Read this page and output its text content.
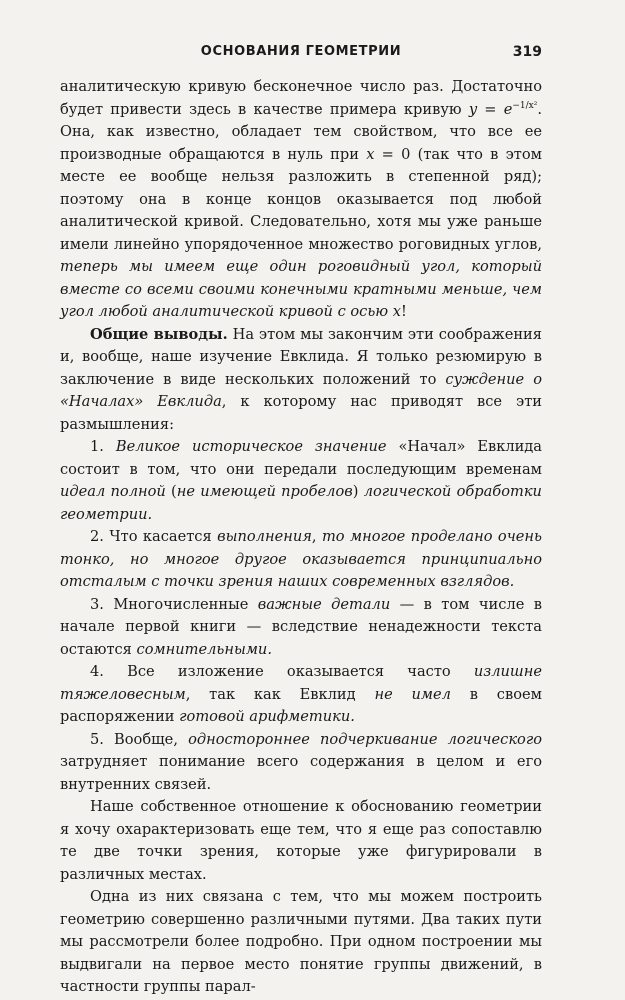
ОСНОВАНИЯ ГЕОМЕТРИИ	319

аналитическую кривую бесконечное число раз. Достаточно будет привести здесь в качестве примера кривую $y = e^{-1/x^2}$. Она, как известно, обладает тем свойством, что все ее производные обращаются в нуль при x = 0 (так что в этом месте ее вообще нельзя разложить в степенной ряд); поэтому она в конце концов оказывается под любой аналитической кривой. Следовательно, хотя мы уже раньше имели линейно упорядоченное множество роговидных углов, теперь мы имеем еще один роговидный угол, который вместе со всеми своими конечными кратными меньше, чем угол любой аналитической кривой с осью x!

Общие выводы. На этом мы закончим эти соображения и, вообще, наше изучение Евклида. Я только резюмирую в заключение в виде нескольких положений то суждение о «Началах» Евклида, к которому нас приводят все эти размышления:

1. Великое историческое значение «Начал» Евклида состоит в том, что они передали последующим временам идеал полной (не имеющей пробелов) логической обработки геометрии.

2. Что касается выполнения, то многое проделано очень тонко, но многое другое оказывается принципиально отсталым с точки зрения наших современных взглядов.

3. Многочисленные важные детали — в том числе в начале первой книги — вследствие ненадежности текста остаются сомнительными.

4. Все изложение оказывается часто излишне тяжеловесным, так как Евклид не имел в своем распоряжении готовой арифметики.

5. Вообще, одностороннее подчеркивание логического затрудняет понимание всего содержания в целом и его внутренних связей.

Наше собственное отношение к обоснованию геометрии я хочу охарактеризовать еще тем, что я еще раз сопоставлю те две точки зрения, которые уже фигурировали в различных местах.

Одна из них связана с тем, что мы можем построить геометрию совершенно различными путями. Два таких пути мы рассмотрели более подробно. При одном построении мы выдвигали на первое место понятие группы движений, в частности группы парал-
